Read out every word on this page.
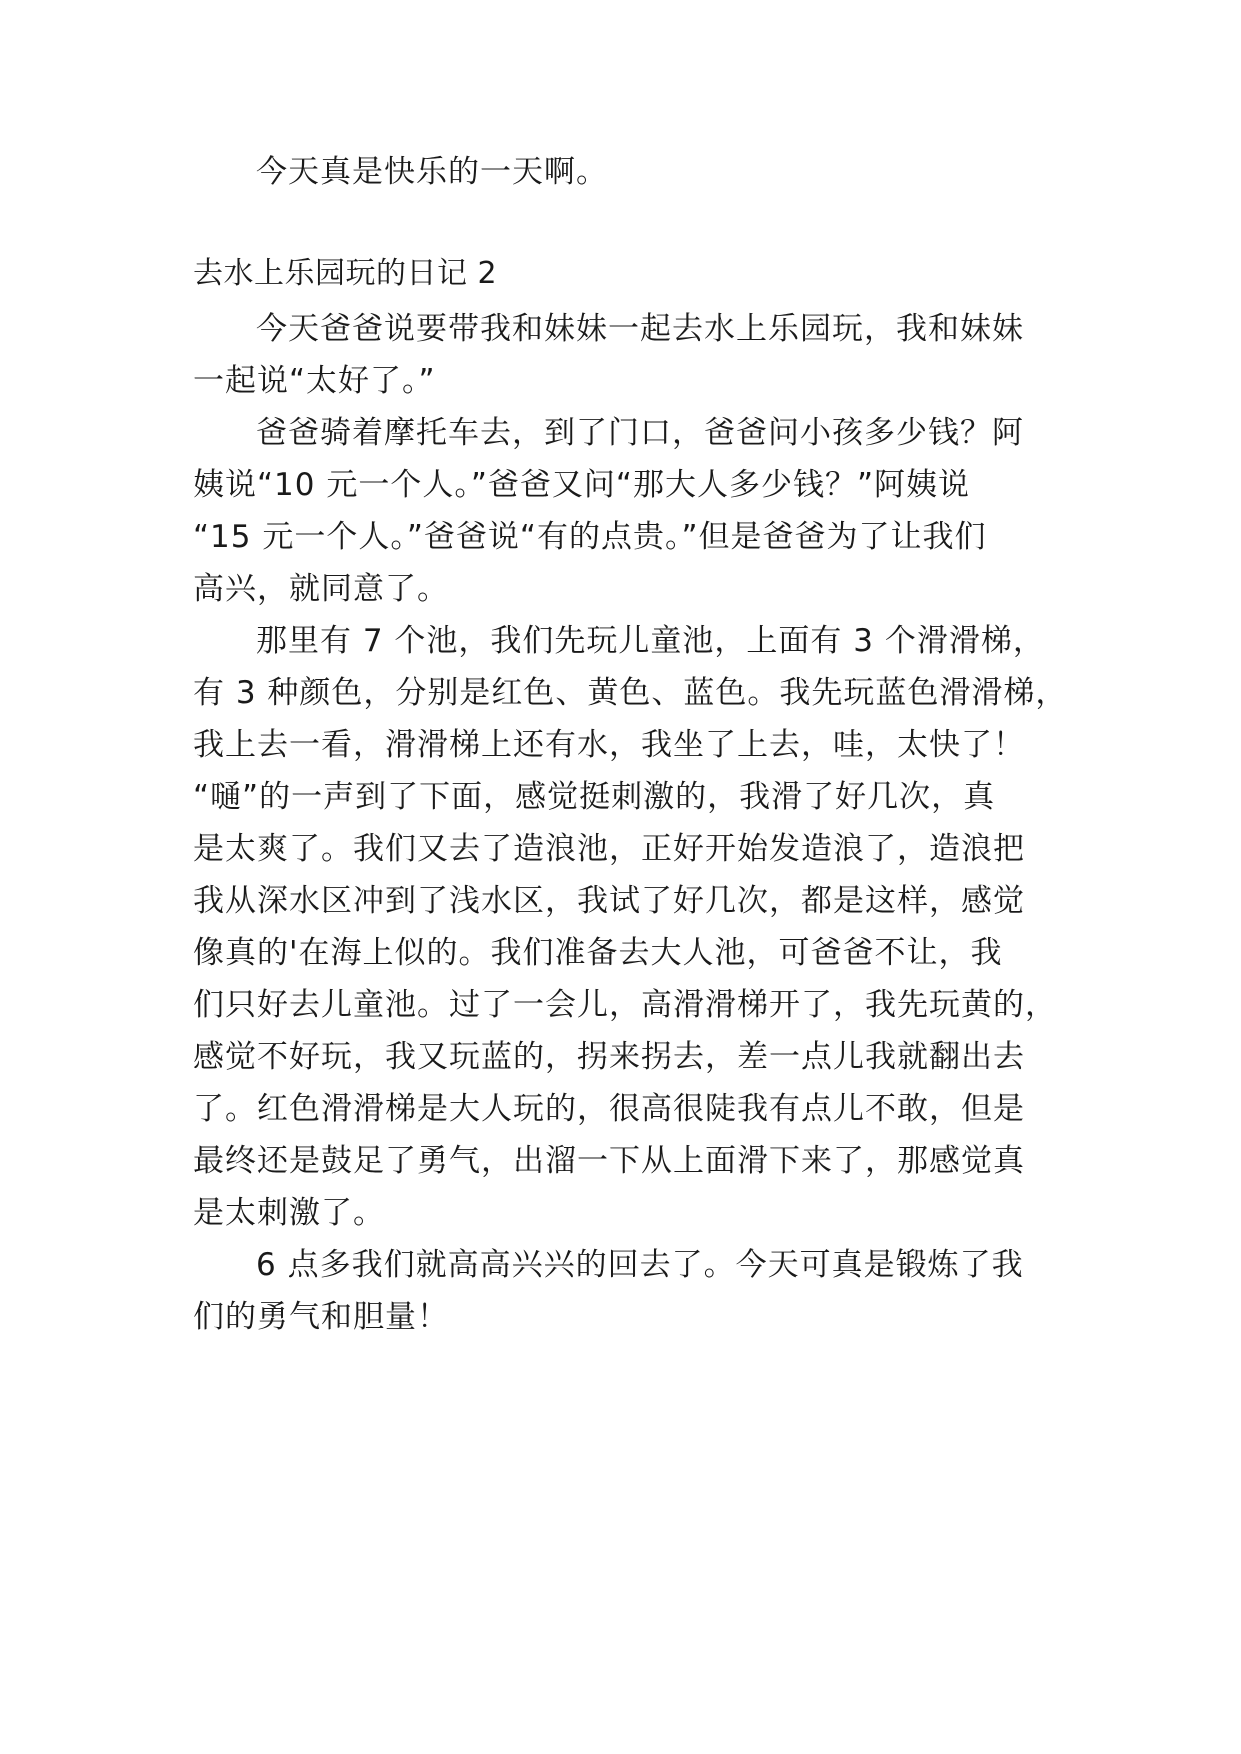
今天真是快乐的一天啊。
去水上乐园玩的日记 2
今天爸爸说要带我和妹妹一起去水上乐园玩，我和妹妹
一起说“太好了。”
爸爸骑着摩托车去，到了门口，爸爸问小孩多少钱？阿
姨说“10 元一个人。”爸爸又问“那大人多少钱？”阿姨说
“15 元一个人。”爸爸说“有的点贵。”但是爸爸为了让我们
高兴，就同意了。
那里有 7 个池，我们先玩儿童池，上面有 3 个滑滑梯，
有 3 种颜色，分别是红色、黄色、蓝色。我先玩蓝色滑滑梯，
我上去一看，滑滑梯上还有水，我坐了上去，哇，太快了！
“嗵”的一声到了下面，感觉挺刺激的，我滑了好几次，真
是太爽了。我们又去了造浪池，正好开始发造浪了，造浪把
我从深水区冲到了浅水区，我试了好几次，都是这样，感觉
像真的'在海上似的。我们准备去大人池，可爸爸不让，我
们只好去儿童池。过了一会儿，高滑滑梯开了，我先玩黄的，
感觉不好玩，我又玩蓝的，拐来拐去，差一点儿我就翻出去
了。红色滑滑梯是大人玩的，很高很陡我有点儿不敢，但是
最终还是鼓足了勇气，出溜一下从上面滑下来了，那感觉真
是太刺激了。
6 点多我们就高高兴兴的回去了。今天可真是锻炼了我
们的勇气和胆量！
